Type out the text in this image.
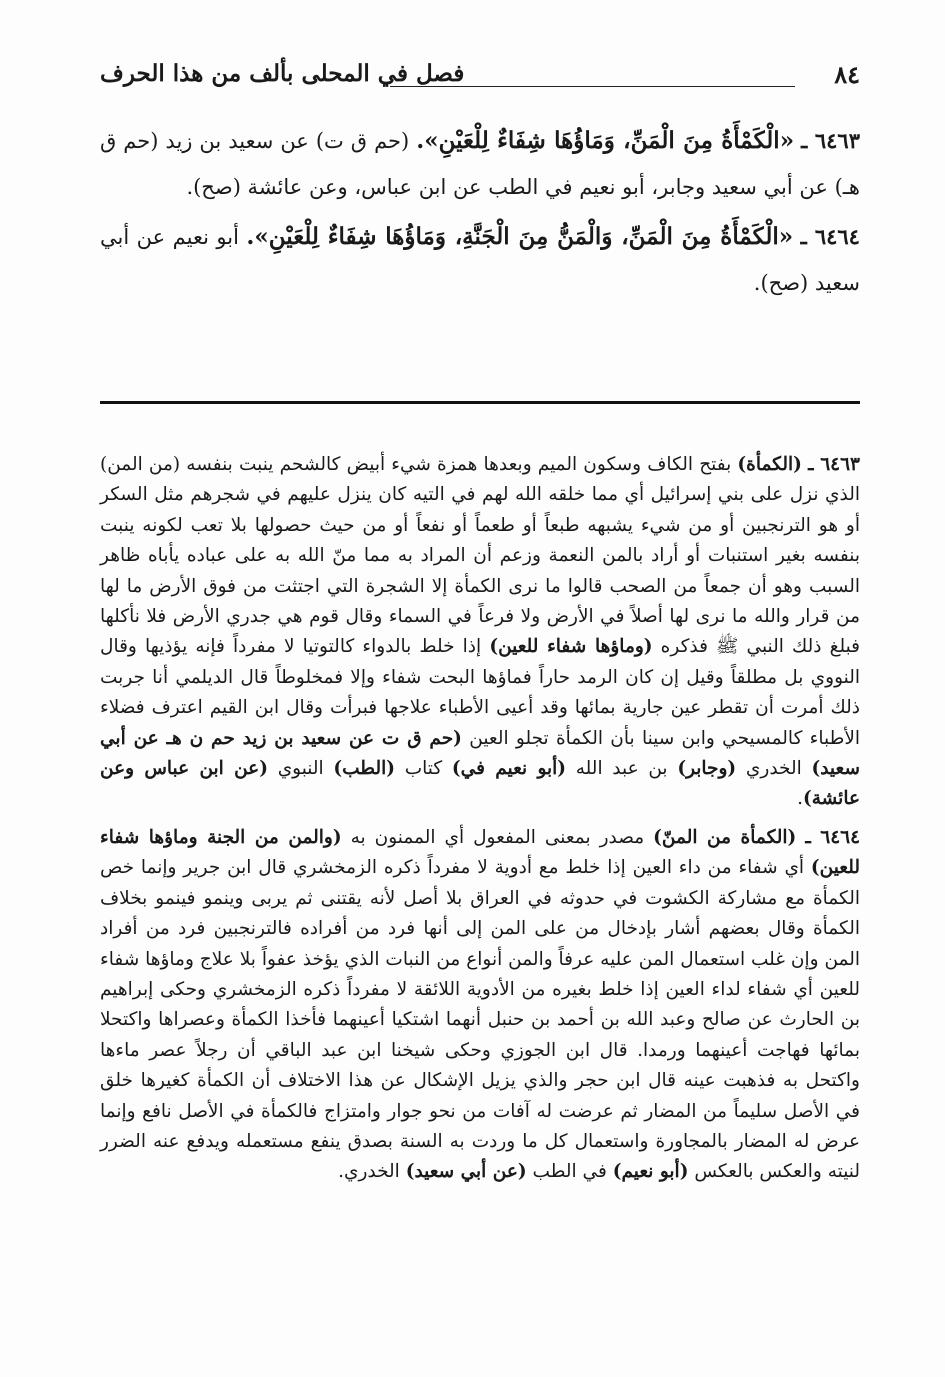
٨٤
فصل في المحلى بألف من هذا الحرف

٦٤٦٣ ـ «الْكَمْأَةُ مِنَ الْمَنِّ، وَمَاؤُهَا شِفَاءٌ لِلْعَيْنِ». (حم ق ت) عن سعيد بن زيد (حم ق هـ) عن أبي سعيد وجابر، أبو نعيم في الطب عن ابن عباس، وعن عائشة (صح).

٦٤٦٤ ـ «الْكَمْأَةُ مِنَ الْمَنِّ، وَالْمَنُّ مِنَ الْجَنَّةِ، وَمَاؤُهَا شِفَاءٌ لِلْعَيْنِ». أبو نعيم عن أبي سعيد (صح).

٦٤٦٣ ـ (الكمأة) بفتح الكاف وسكون الميم وبعدها همزة شيء أبيض كالشحم ينبت بنفسه (من المن) الذي نزل على بني إسرائيل أي مما خلقه الله لهم في التيه كان ينزل عليهم في شجرهم مثل السكر أو هو الترنجبين أو من شيء يشبهه طبعاً أو طعماً أو نفعاً أو من حيث حصولها بلا تعب لكونه ينبت بنفسه بغير استنبات أو أراد بالمن النعمة وزعم أن المراد به مما منّ الله به على عباده يأباه ظاهر السبب وهو أن جمعاً من الصحب قالوا ما نرى الكمأة إلا الشجرة التي اجتثت من فوق الأرض ما لها من قرار والله ما نرى لها أصلاً في الأرض ولا فرعاً في السماء وقال قوم هي جدري الأرض فلا نأكلها فبلغ ذلك النبي ﷺ فذكره (وماؤها شفاء للعين) إذا خلط بالدواء كالتوتيا لا مفرداً فإنه يؤذيها وقال النووي بل مطلقاً وقيل إن كان الرمد حاراً فماؤها البحت شفاء وإلا فمخلوطاً قال الديلمي أنا جربت ذلك أمرت أن تقطر عين جارية بمائها وقد أعيى الأطباء علاجها فبرأت وقال ابن القيم اعترف فضلاء الأطباء كالمسيحي وابن سينا بأن الكمأة تجلو العين (حم ق ت عن سعيد بن زيد حم ن هـ عن أبي سعيد) الخدري (وجابر) بن عبد الله (أبو نعيم في) كتاب (الطب) النبوي (عن ابن عباس وعن عائشة).

٦٤٦٤ ـ (الكمأة من المنّ) مصدر بمعنى المفعول أي الممنون به (والمن من الجنة وماؤها شفاء للعين) أي شفاء من داء العين إذا خلط مع أدوية لا مفرداً ذكره الزمخشري قال ابن جرير وإنما خص الكمأة مع مشاركة الكشوت في حدوثه في العراق بلا أصل لأنه يقتنى ثم يربى وينمو فينمو بخلاف الكمأة وقال بعضهم أشار بإدخال من على المن إلى أنها فرد من أفراده فالترنجبين فرد من أفراد المن وإن غلب استعمال المن عليه عرفاً والمن أنواع من النبات الذي يؤخذ عفواً بلا علاج وماؤها شفاء للعين أي شفاء لداء العين إذا خلط بغيره من الأدوية اللائقة لا مفرداً ذكره الزمخشري وحكى إبراهيم بن الحارث عن صالح وعبد الله بن أحمد بن حنبل أنهما اشتكيا أعينهما فأخذا الكمأة وعصراها واكتحلا بمائها فهاجت أعينهما ورمدا. قال ابن الجوزي وحكى شيخنا ابن عبد الباقي أن رجلاً عصر ماءها واكتحل به فذهبت عينه قال ابن حجر والذي يزيل الإشكال عن هذا الاختلاف أن الكمأة كغيرها خلق في الأصل سليماً من المضار ثم عرضت له آفات من نحو جوار وامتزاج فالكمأة في الأصل نافع وإنما عرض له المضار بالمجاورة واستعمال كل ما وردت به السنة بصدق ينفع مستعمله ويدفع عنه الضرر لنيته والعكس بالعكس (أبو نعيم) في الطب (عن أبي سعيد) الخدري.
